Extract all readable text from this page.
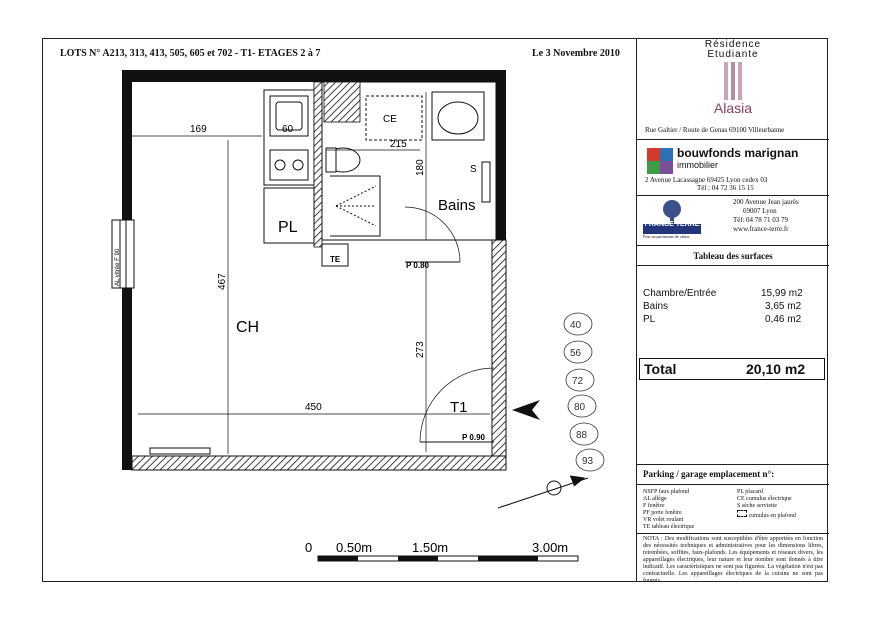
LOTS N° A213, 313, 413, 505, 605 et 702 - T1- ETAGES 2 à 7	Le 3 Novembre 2010
AL vitrée F 90
PL
TE
CE
S
Bains
P 0.80
169	60
215
180
467
273
450
CH
T1
P 0.90
40
56
72
80
88
93
0 0.50m	1.50m	3.00m
Résidence
Etudiante
Alasia
Rue Galtier / Route de Genas 69100 Villeurbanne
bouwfonds marignan
immobilier
2 Avenue Lacassagne 69425 Lyon cedex 03
Tél : 04 72 36 15 15
FRANCE TERRE
Pour un patrimoine de valeur
200 Avenue Jean jaurès
69007 Lyon
Tél: 04 78 71 03 79
www.france-terre.fr
Tableau des surfaces
Chambre/Entrée	15,99 m2
Bains	3,65 m2
PL	0,46 m2
Total	20,10 m2
Parking / garage emplacement n°:
NSFP faux plafond
AL allège
F fenêtre
PF porte fenêtre
VR volet roulant
TE tableau électrique
PL placard
CE cumulus électrique
S sèche serviette
cumulus en plafond
NOTA : Des modifications sont susceptibles d'être apportées en fonction des nécessités techniques et administratives pour les dimensions libres, retombées, soffites, faux-plafonds. Les équipements et réseaux divers, les appareillages électriques, leur nature et leur nombre sont donnés à titre indicatif. Les caractéristiques ne sont pas figurées. La végétation n'est pas contractuelle. Les appareillages électriques de la cuisine ne sont pas fournis.
